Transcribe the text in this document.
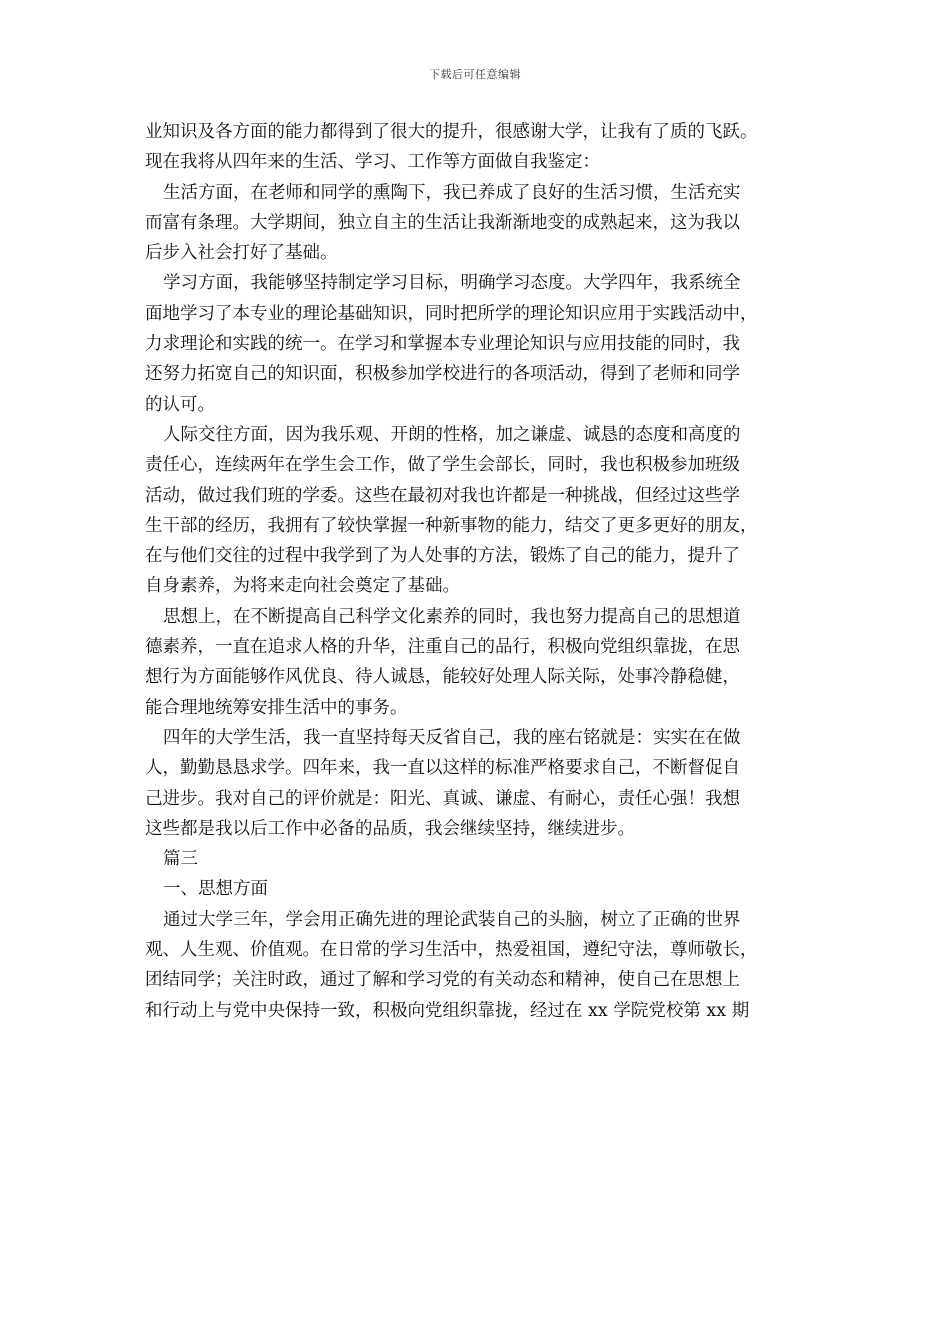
下载后可任意编辑
业知识及各方面的能力都得到了很大的提升，很感谢大学，让我有了质的飞跃。
现在我将从四年来的生活、学习、工作等方面做自我鉴定：
生活方面，在老师和同学的熏陶下，我已养成了良好的生活习惯，生活充实
而富有条理。大学期间，独立自主的生活让我渐渐地变的成熟起来，这为我以
后步入社会打好了基础。
学习方面，我能够坚持制定学习目标，明确学习态度。大学四年，我系统全
面地学习了本专业的理论基础知识，同时把所学的理论知识应用于实践活动中，
力求理论和实践的统一。在学习和掌握本专业理论知识与应用技能的同时，我
还努力拓宽自己的知识面，积极参加学校进行的各项活动，得到了老师和同学
的认可。
人际交往方面，因为我乐观、开朗的性格，加之谦虚、诚恳的态度和高度的
责任心，连续两年在学生会工作，做了学生会部长，同时，我也积极参加班级
活动，做过我们班的学委。这些在最初对我也许都是一种挑战，但经过这些学
生干部的经历，我拥有了较快掌握一种新事物的能力，结交了更多更好的朋友，
在与他们交往的过程中我学到了为人处事的方法，锻炼了自己的能力，提升了
自身素养，为将来走向社会奠定了基础。
思想上，在不断提高自己科学文化素养的同时，我也努力提高自己的思想道
德素养，一直在追求人格的升华，注重自己的品行，积极向党组织靠拢，在思
想行为方面能够作风优良、待人诚恳，能较好处理人际关际，处事冷静稳健，
能合理地统筹安排生活中的事务。
四年的大学生活，我一直坚持每天反省自己，我的座右铭就是：实实在在做
人，勤勤恳恳求学。四年来，我一直以这样的标准严格要求自己，不断督促自
己进步。我对自己的评价就是：阳光、真诚、谦虚、有耐心，责任心强！我想
这些都是我以后工作中必备的品质，我会继续坚持，继续进步。
篇三
一、思想方面
通过大学三年，学会用正确先进的理论武装自己的头脑，树立了正确的世界
观、人生观、价值观。在日常的学习生活中，热爱祖国，遵纪守法，尊师敬长，
团结同学；关注时政，通过了解和学习党的有关动态和精神，使自己在思想上
和行动上与党中央保持一致，积极向党组织靠拢，经过在 xx 学院党校第 xx 期
